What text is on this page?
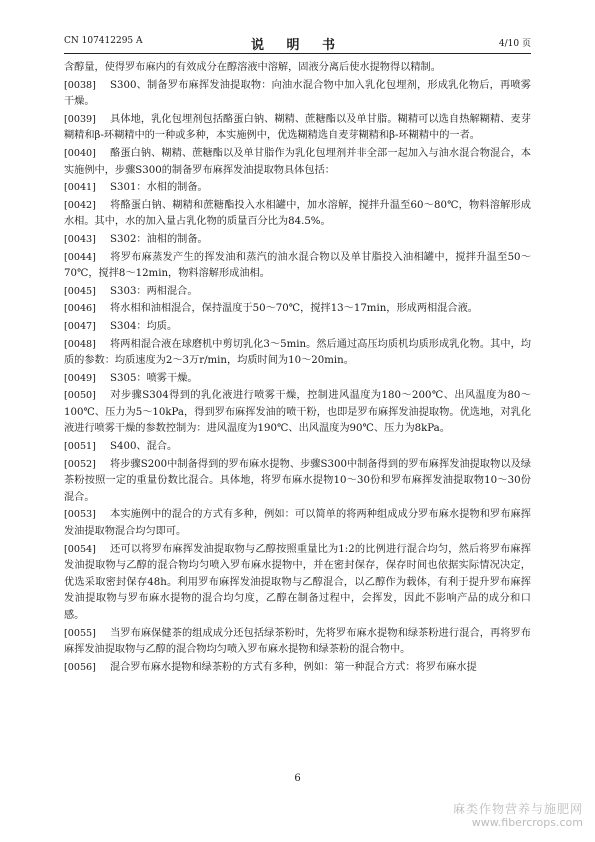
CN 107412295 A	说 明 书	4/10 页
含醇量，使得罗布麻内的有效成分在醇溶液中溶解，固液分离后使水提物得以精制。
[0038] S300、制备罗布麻挥发油提取物：向油水混合物中加入乳化包埋剂，形成乳化物后，再喷雾干燥。
[0039] 具体地，乳化包埋剂包括酪蛋白钠、糊精、蔗糖酯以及单甘脂。糊精可以选自热解糊精、麦芽糊精和β-环糊精中的一种或多种，本实施例中，优选糊精选自麦芽糊精和β-环糊精中的一者。
[0040] 酪蛋白钠、糊精、蔗糖酯以及单甘脂作为乳化包埋剂并非全部一起加入与油水混合物混合，本实施例中，步骤S300的制备罗布麻挥发油提取物具体包括：
[0041] S301：水相的制备。
[0042] 将酪蛋白钠、糊精和蔗糖酯投入水相罐中，加水溶解，搅拌升温至60～80℃，物料溶解形成水相。其中，水的加入量占乳化物的质量百分比为84.5%。
[0043] S302：油相的制备。
[0044] 将罗布麻蒸发产生的挥发油和蒸汽的油水混合物以及单甘脂投入油相罐中，搅拌升温至50～70℃，搅拌8～12min，物料溶解形成油相。
[0045] S303：两相混合。
[0046] 将水相和油相混合，保持温度于50～70℃，搅拌13～17min，形成两相混合液。
[0047] S304：均质。
[0048] 将两相混合液在球磨机中剪切乳化3～5min。然后通过高压均质机均质形成乳化物。其中，均质的参数：均质速度为2～3万r/min，均质时间为10～20min。
[0049] S305：喷雾干燥。
[0050] 对步骤S304得到的乳化液进行喷雾干燥，控制进风温度为180～200℃、出风温度为80～100℃、压力为5～10kPa，得到罗布麻挥发油的喷干粉，也即是罗布麻挥发油提取物。优选地，对乳化液进行喷雾干燥的参数控制为：进风温度为190℃、出风温度为90℃、压力为8kPa。
[0051] S400、混合。
[0052] 将步骤S200中制备得到的罗布麻水提物、步骤S300中制备得到的罗布麻挥发油提取物以及绿茶粉按照一定的重量份数比混合。具体地，将罗布麻水提物10～30份和罗布麻挥发油提取物10～30份混合。
[0053] 本实施例中的混合的方式有多种，例如：可以简单的将两种组成成分罗布麻水提物和罗布麻挥发油提取物混合均匀即可。
[0054] 还可以将罗布麻挥发油提取物与乙醇按照重量比为1:2的比例进行混合均匀，然后将罗布麻挥发油提取物与乙醇的混合物均匀喷入罗布麻水提物中，并在密封保存，保存时间也依据实际情况决定，优选采取密封保存48h。利用罗布麻挥发油提取物与乙醇混合，以乙醇作为载体，有利于提升罗布麻挥发油提取物与罗布麻水提物的混合均匀度，乙醇在制备过程中，会挥发，因此不影响产品的成分和口感。
[0055] 当罗布麻保健茶的组成成分还包括绿茶粉时，先将罗布麻水提物和绿茶粉进行混合，再将罗布麻挥发油提取物与乙醇的混合物均匀喷入罗布麻水提物和绿茶粉的混合物中。
[0056] 混合罗布麻水提物和绿茶粉的方式有多种，例如：第一种混合方式：将罗布麻水提
6
麻类作物营养与施肥网
www.fibercrops.com
